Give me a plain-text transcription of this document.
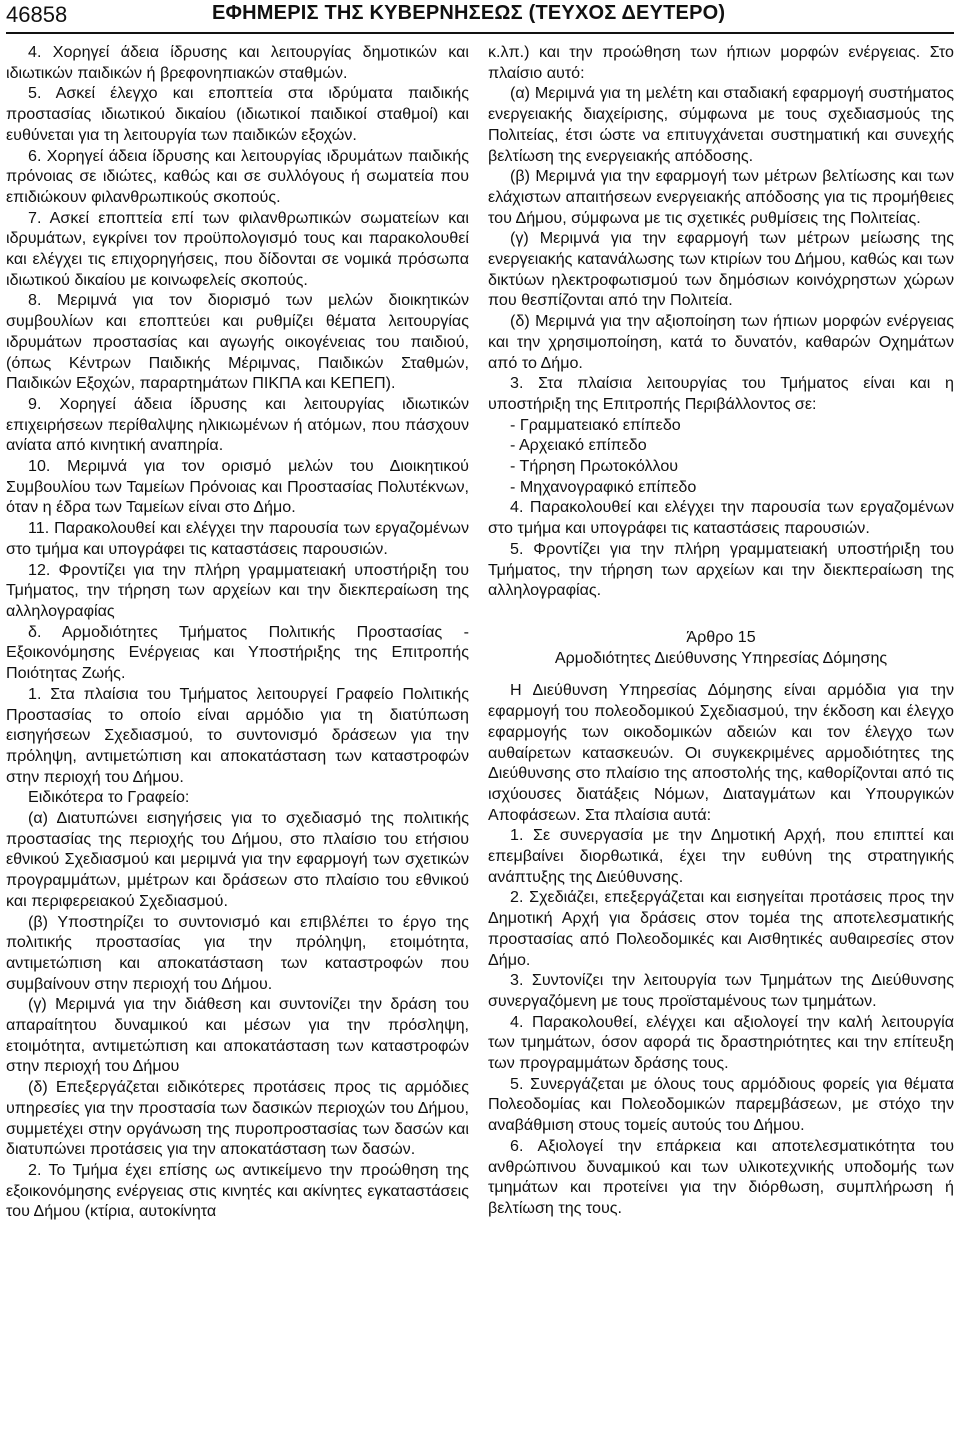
46858	ΕΦΗΜΕΡΙΣ ΤΗΣ ΚΥΒΕΡΝΗΣΕΩΣ (ΤΕΥΧΟΣ ΔΕΥΤΕΡΟ)

4. Χορηγεί άδεια ίδρυσης και λειτουργίας δημοτικών και ιδιωτικών παιδικών ή βρεφονηπιακών σταθμών.

5. Ασκεί έλεγχο και εποπτεία στα ιδρύματα παιδικής προστασίας ιδιωτικού δικαίου (ιδιωτικοί παιδικοί σταθμοί) και ευθύνεται για τη λειτουργία των παιδικών εξοχών.

6. Χορηγεί άδεια ίδρυσης και λειτουργίας ιδρυμάτων παιδικής πρόνοιας σε ιδιώτες, καθώς και σε συλλόγους ή σωματεία που επιδιώκουν φιλανθρωπικούς σκοπούς.

7. Ασκεί εποπτεία επί των φιλανθρωπικών σωματείων και ιδρυμάτων, εγκρίνει τον προϋπολογισμό τους και παρακολουθεί και ελέγχει τις επιχορηγήσεις, που δίδονται σε νομικά πρόσωπα ιδιωτικού δικαίου με κοινωφελείς σκοπούς.

8. Μεριμνά για τον διορισμό των μελών διοικητικών συμβουλίων και εποπτεύει και ρυθμίζει θέματα λειτουργίας ιδρυμάτων προστασίας και αγωγής οικογένειας του παιδιού, (όπως Κέντρων Παιδικής Μέριμνας, Παιδικών Σταθμών, Παιδικών Εξοχών, παραρτημάτων ΠΙΚΠΑ και ΚΕΠΕΠ).

9. Χορηγεί άδεια ίδρυσης και λειτουργίας ιδιωτικών επιχειρήσεων περίθαλψης ηλικιωμένων ή ατόμων, που πάσχουν ανίατα από κινητική αναπηρία.

10. Μεριμνά για τον ορισμό μελών του Διοικητικού Συμβουλίου των Ταμείων Πρόνοιας και Προστασίας Πολυτέκνων, όταν η έδρα των Ταμείων είναι στο Δήμο.

11. Παρακολουθεί και ελέγχει την παρουσία των εργαζομένων στο τμήμα και υπογράφει τις καταστάσεις παρουσιών.

12. Φροντίζει για την πλήρη γραμματειακή υποστήριξη του Τμήματος, την τήρηση των αρχείων και την διεκπεραίωση της αλληλογραφίας

δ. Αρμοδιότητες Τμήματος Πολιτικής Προστασίας - Εξοικονόμησης Ενέργειας και Υποστήριξης της Επιτροπής Ποιότητας Ζωής.

1. Στα πλαίσια του Τμήματος λειτουργεί Γραφείο Πολιτικής Προστασίας το οποίο είναι αρμόδιο για τη διατύπωση εισηγήσεων Σχεδιασμού, το συντονισμό δράσεων για την πρόληψη, αντιμετώπιση και αποκατάσταση των καταστροφών στην περιοχή του Δήμου.

Ειδικότερα το Γραφείο:

(α) Διατυπώνει εισηγήσεις για το σχεδιασμό της πολιτικής προστασίας της περιοχής του Δήμου, στο πλαίσιο του ετήσιου εθνικού Σχεδιασμού και μεριμνά για την εφαρμογή των σχετικών προγραμμάτων, μμέτρων και δράσεων στο πλαίσιο του εθνικού και περιφερειακού Σχεδιασμού.

(β) Υποστηρίζει το συντονισμό και επιβλέπει το έργο της πολιτικής προστασίας για την πρόληψη, ετοιμότητα, αντιμετώπιση και αποκατάσταση των καταστροφών που συμβαίνουν στην περιοχή του Δήμου.

(γ) Μεριμνά για την διάθεση και συντονίζει την δράση του απαραίτητου δυναμικού και μέσων για την πρόσληψη, ετοιμότητα, αντιμετώπιση και αποκατάσταση των καταστροφών στην περιοχή του Δήμου

(δ) Επεξεργάζεται ειδικότερες προτάσεις προς τις αρμόδιες υπηρεσίες για την προστασία των δασικών περιοχών του Δήμου, συμμετέχει στην οργάνωση της πυροπροστασίας των δασών και διατυπώνει προτάσεις για την αποκατάσταση των δασών.

2. Το Τμήμα έχει επίσης ως αντικείμενο την προώθηση της εξοικονόμησης ενέργειας στις κινητές και ακίνητες εγκαταστάσεις του Δήμου (κτίρια, αυτοκίνητα

κ.λπ.) και την προώθηση των ήπιων μορφών ενέργειας. Στο πλαίσιο αυτό:

(α) Μεριμνά για τη μελέτη και σταδιακή εφαρμογή συστήματος ενεργειακής διαχείρισης, σύμφωνα με τους σχεδιασμούς της Πολιτείας, έτσι ώστε να επιτυγχάνεται συστηματική και συνεχής βελτίωση της ενεργειακής απόδοσης.

(β) Μεριμνά για την εφαρμογή των μέτρων βελτίωσης και των ελάχιστων απαιτήσεων ενεργειακής απόδοσης για τις προμήθειες του Δήμου, σύμφωνα με τις σχετικές ρυθμίσεις της Πολιτείας.

(γ) Μεριμνά για την εφαρμογή των μέτρων μείωσης της ενεργειακής κατανάλωσης των κτιρίων του Δήμου, καθώς και των δικτύων ηλεκτροφωτισμού των δημόσιων κοινόχρηστων χώρων που θεσπίζονται από την Πολιτεία.

(δ) Μεριμνά για την αξιοποίηση των ήπιων μορφών ενέργειας και την χρησιμοποίηση, κατά το δυνατόν, καθαρών Οχημάτων από το Δήμο.

3. Στα πλαίσια λειτουργίας του Τμήματος είναι και η υποστήριξη της Επιτροπής Περιβάλλοντος σε:

- Γραμματειακό επίπεδο

- Αρχειακό επίπεδο

- Τήρηση Πρωτοκόλλου

- Μηχανογραφικό επίπεδο

4. Παρακολουθεί και ελέγχει την παρουσία των εργαζομένων στο τμήμα και υπογράφει τις καταστάσεις παρουσιών.

5. Φροντίζει για την πλήρη γραμματειακή υποστήριξη του Τμήματος, την τήρηση των αρχείων και την διεκπεραίωση της αλληλογραφίας.

Άρθρο 15

Αρμοδιότητες Διεύθυνσης Υπηρεσίας Δόμησης

Η Διεύθυνση Υπηρεσίας Δόμησης είναι αρμόδια για την εφαρμογή του πολεοδομικού Σχεδιασμού, την έκδοση και έλεγχο εφαρμογής των οικοδομικών αδειών και τον έλεγχο των αυθαίρετων κατασκευών. Οι συγκεκριμένες αρμοδιότητες της Διεύθυνσης στο πλαίσιο της αποστολής της, καθορίζονται από τις ισχύουσες διατάξεις Νόμων, Διαταγμάτων και Υπουργικών Αποφάσεων. Στα πλαίσια αυτά:

1. Σε συνεργασία με την Δημοτική Αρχή, που επιπτεί και επεμβαίνει διορθωτικά, έχει την ευθύνη της στρατηγικής ανάπτυξης της Διεύθυνσης.

2. Σχεδιάζει, επεξεργάζεται και εισηγείται προτάσεις προς την Δημοτική Αρχή για δράσεις στον τομέα της αποτελεσματικής προστασίας από Πολεοδομικές και Αισθητικές αυθαιρεσίες στον Δήμο.

3. Συντονίζει την λειτουργία των Τμημάτων της Διεύθυνσης συνεργαζόμενη με τους προϊσταμένους των τμημάτων.

4. Παρακολουθεί, ελέγχει και αξιολογεί την καλή λειτουργία των τμημάτων, όσον αφορά τις δραστηριότητες και την επίτευξη των προγραμμάτων δράσης τους.

5. Συνεργάζεται με όλους τους αρμόδιους φορείς για θέματα Πολεοδομίας και Πολεοδομικών παρεμβάσεων, με στόχο την αναβάθμιση στους τομείς αυτούς του Δήμου.

6. Αξιολογεί την επάρκεια και αποτελεσματικότητα του ανθρώπινου δυναμικού και των υλικοτεχνικής υποδομής των τμημάτων και προτείνει για την διόρθωση, συμπλήρωση ή βελτίωση της τους.
